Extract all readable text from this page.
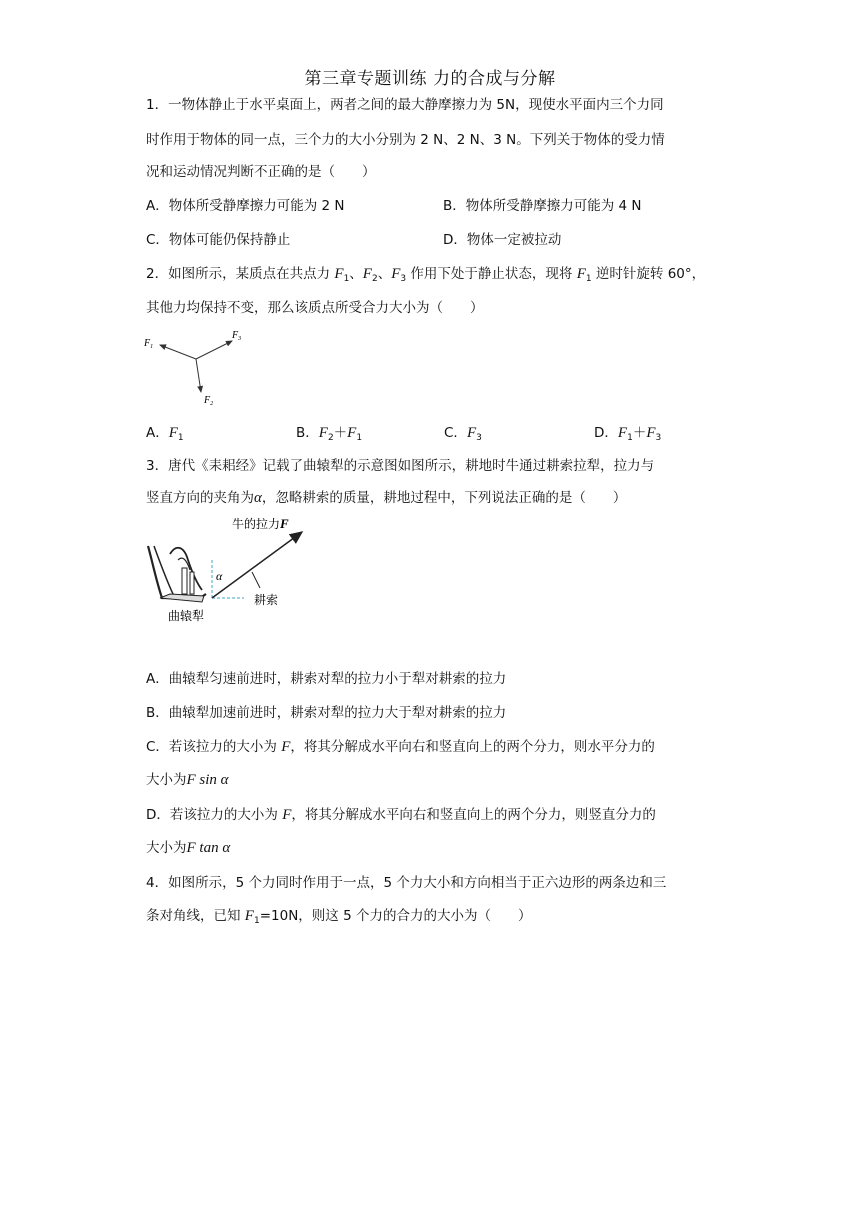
第三章专题训练 力的合成与分解
1．一物体静止于水平桌面上，两者之间的最大静摩擦力为 5N，现使水平面内三个力同
时作用于物体的同一点，三个力的大小分别为 2 N、2 N、3 N。下列关于物体的受力情
况和运动情况判断不正确的是（　　）
A．物体所受静摩擦力可能为 2 N	B．物体所受静摩擦力可能为 4 N
C．物体可能仍保持静止	D．物体一定被拉动
2．如图所示，某质点在共点力 $F_1$、$F_2$、$F_3$ 作用下处于静止状态，现将 $F_1$ 逆时针旋转 60°，
其他力均保持不变，那么该质点所受合力大小为（　　）
$F_1$
$F_3$
$F_2$
A．$F_1$	B．$F_2+F_1$	C．$F_3$	D．$F_1+F_3$
3．唐代《耒耜经》记载了曲辕犁的示意图如图所示，耕地时牛通过耕索拉犁，拉力与
竖直方向的夹角为α，忽略耕索的质量，耕地过程中，下列说法正确的是（　　）
α
牛的拉力F
耕索
曲辕犁
A．曲辕犁匀速前进时，耕索对犁的拉力小于犁对耕索的拉力
B．曲辕犁加速前进时，耕索对犁的拉力大于犁对耕索的拉力
C．若该拉力的大小为 F，将其分解成水平向右和竖直向上的两个分力，则水平分力的
大小为F sin α
D．若该拉力的大小为 F，将其分解成水平向右和竖直向上的两个分力，则竖直分力的
大小为F tan α
4．如图所示，5 个力同时作用于一点，5 个力大小和方向相当于正六边形的两条边和三
条对角线，已知 $F_1=10N$，则这 5 个力的合力的大小为（　　）
